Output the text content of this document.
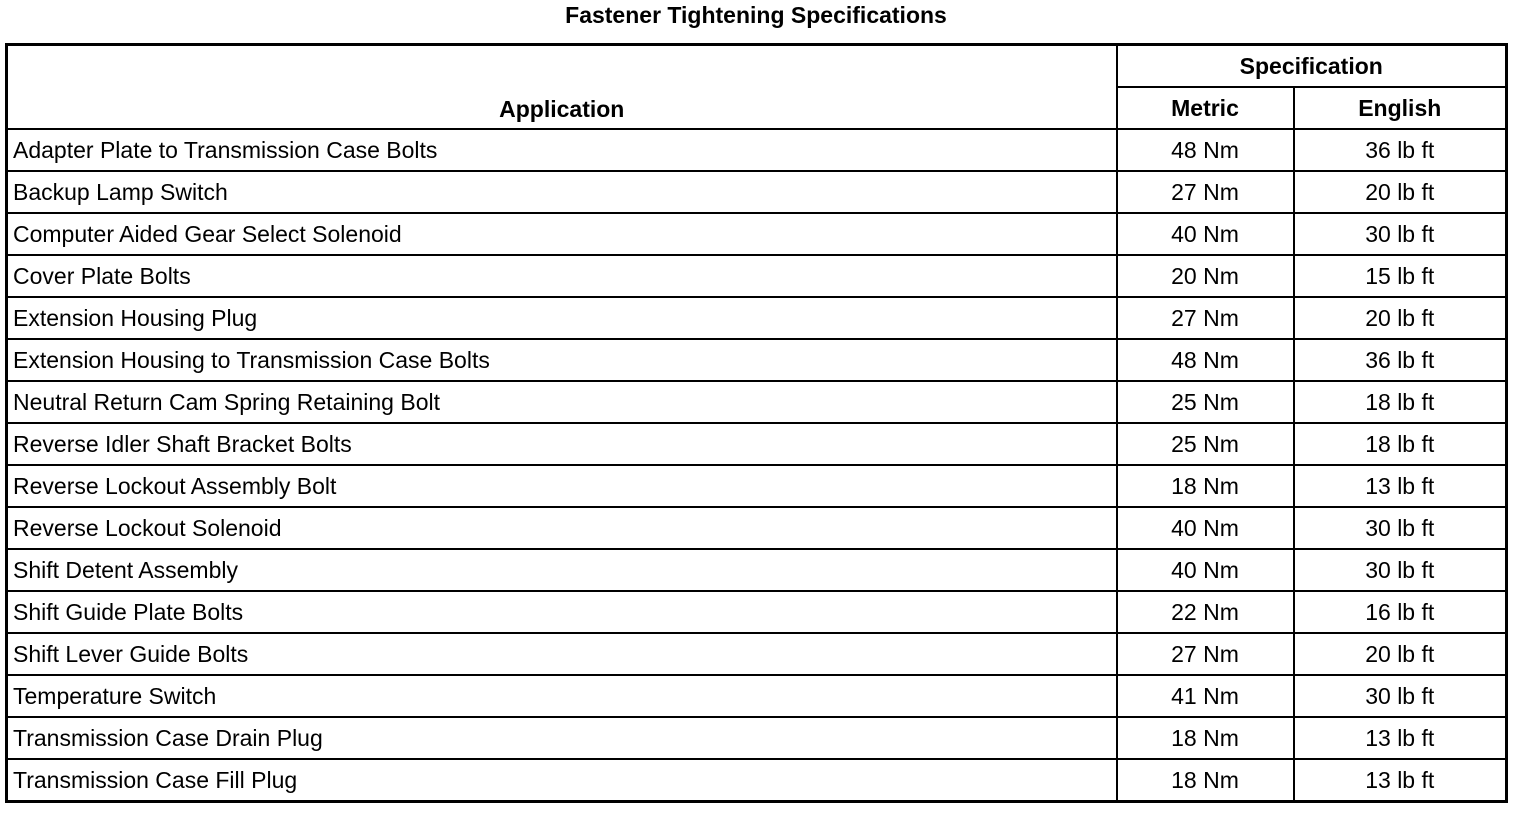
Fastener Tightening Specifications
Application	Specification	
	Metric	English
Adapter Plate to Transmission Case Bolts	48 Nm	36 lb ft
Backup Lamp Switch	27 Nm	20 lb ft
Computer Aided Gear Select Solenoid	40 Nm	30 lb ft
Cover Plate Bolts	20 Nm	15 lb ft
Extension Housing Plug	27 Nm	20 lb ft
Extension Housing to Transmission Case Bolts	48 Nm	36 lb ft
Neutral Return Cam Spring Retaining Bolt	25 Nm	18 lb ft
Reverse Idler Shaft Bracket Bolts	25 Nm	18 lb ft
Reverse Lockout Assembly Bolt	18 Nm	13 lb ft
Reverse Lockout Solenoid	40 Nm	30 lb ft
Shift Detent Assembly	40 Nm	30 lb ft
Shift Guide Plate Bolts	22 Nm	16 lb ft
Shift Lever Guide Bolts	27 Nm	20 lb ft
Temperature Switch	41 Nm	30 lb ft
Transmission Case Drain Plug	18 Nm	13 lb ft
Transmission Case Fill Plug	18 Nm	13 lb ft
